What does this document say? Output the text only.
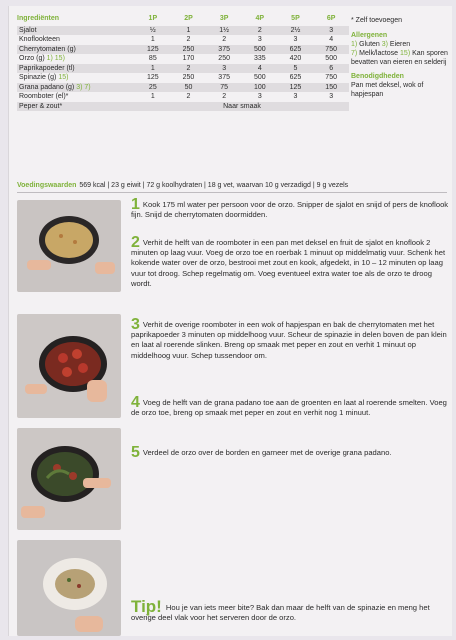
Ingrediënten	1P	2P	3P	4P	5P	6P
Sjalot	½	1	1½	2	2½	3
Knoflookteen	1	2	2	3	3	4
Cherrytomaten (g)	125	250	375	500	625	750
Orzo (g) 1) 15)	85	170	250	335	420	500
Paprikapoeder (tl)	1	2	3	4	5	6
Spinazie (g) 15)	125	250	375	500	625	750
Grana padano (g) 3) 7)	25	50	75	100	125	150
Roomboter (el)*	1	2	2	3	3	3
Peper & zout*	Naar smaak					
* Zelf toevoegen
Allergenen
1) Gluten 3) Eieren
7) Melk/lactose 15) Kan sporen bevatten van eieren en selderij
Benodigdheden
Pan met deksel, wok of hapjespan
Voedingswaarden 569 kcal | 23 g eiwit | 72 g koolhydraten | 18 g vet, waarvan 10 g verzadigd | 9 g vezels
1 Kook 175 ml water per persoon voor de orzo. Snipper de sjalot en snijd of pers de knoflook fijn. Snijd de cherrytomaten doormidden.
2 Verhit de helft van de roomboter in een pan met deksel en fruit de sjalot en knoflook 2 minuten op laag vuur. Voeg de orzo toe en roerbak 1 minuut op middelmatig vuur. Schenk het kokende water over de orzo, bestrooi met zout en kook, afgedekt, in 10 – 12 minuten op laag vuur tot droog. Schep regelmatig om. Voeg eventueel extra water toe als de orzo te droog wordt.
3 Verhit de overige roomboter in een wok of hapjespan en bak de cherrytomaten met het paprikapoeder 3 minuten op middelhoog vuur. Scheur de spinazie in delen boven de pan klein en laat al roerende slinken. Breng op smaak met peper en zout en verhit 1 minuut op middelhoog vuur. Schep tussendoor om.
4 Voeg de helft van de grana padano toe aan de groenten en laat al roerende smelten. Voeg de orzo toe, breng op smaak met peper en zout en verhit nog 1 minuut.
5 Verdeel de orzo over de borden en garneer met de overige grana padano.
Tip! Hou je van iets meer bite? Bak dan maar de helft van de spinazie en meng het overige deel vlak voor het serveren door de orzo.
